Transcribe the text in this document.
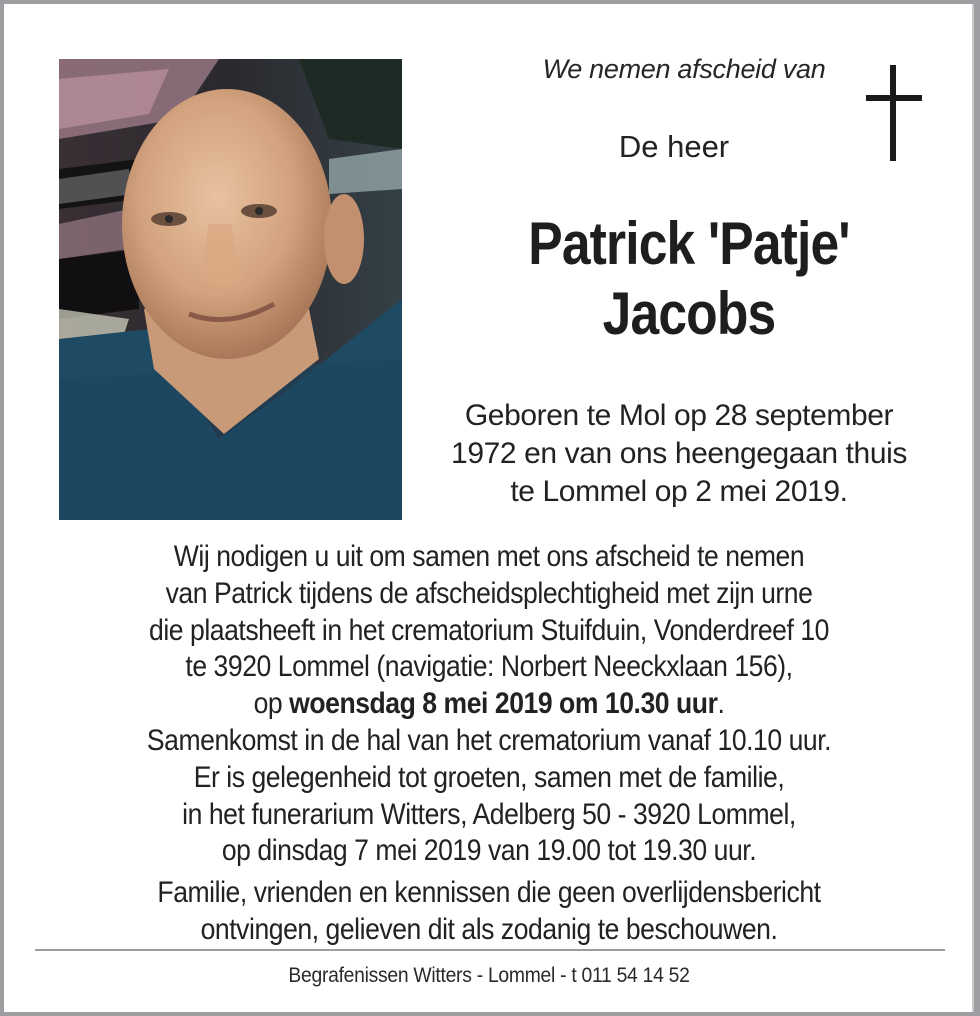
We nemen afscheid van
De heer
Patrick 'Patje'
Jacobs
Geboren te Mol op 28 september
1972 en van ons heengegaan thuis
te Lommel op 2 mei 2019.
Wij nodigen u uit om samen met ons afscheid te nemen
van Patrick tijdens de afscheidsplechtigheid met zijn urne
die plaatsheeft in het crematorium Stuifduin, Vonderdreef 10
te 3920 Lommel (navigatie: Norbert Neeckxlaan 156),
op woensdag 8 mei 2019 om 10.30 uur.
Samenkomst in de hal van het crematorium vanaf 10.10 uur.
Er is gelegenheid tot groeten, samen met de familie,
in het funerarium Witters, Adelberg 50 - 3920 Lommel,
op dinsdag 7 mei 2019 van 19.00 tot 19.30 uur.
Familie, vrienden en kennissen die geen overlijdensbericht
ontvingen, gelieven dit als zodanig te beschouwen.
Begrafenissen Witters - Lommel - t 011 54 14 52
